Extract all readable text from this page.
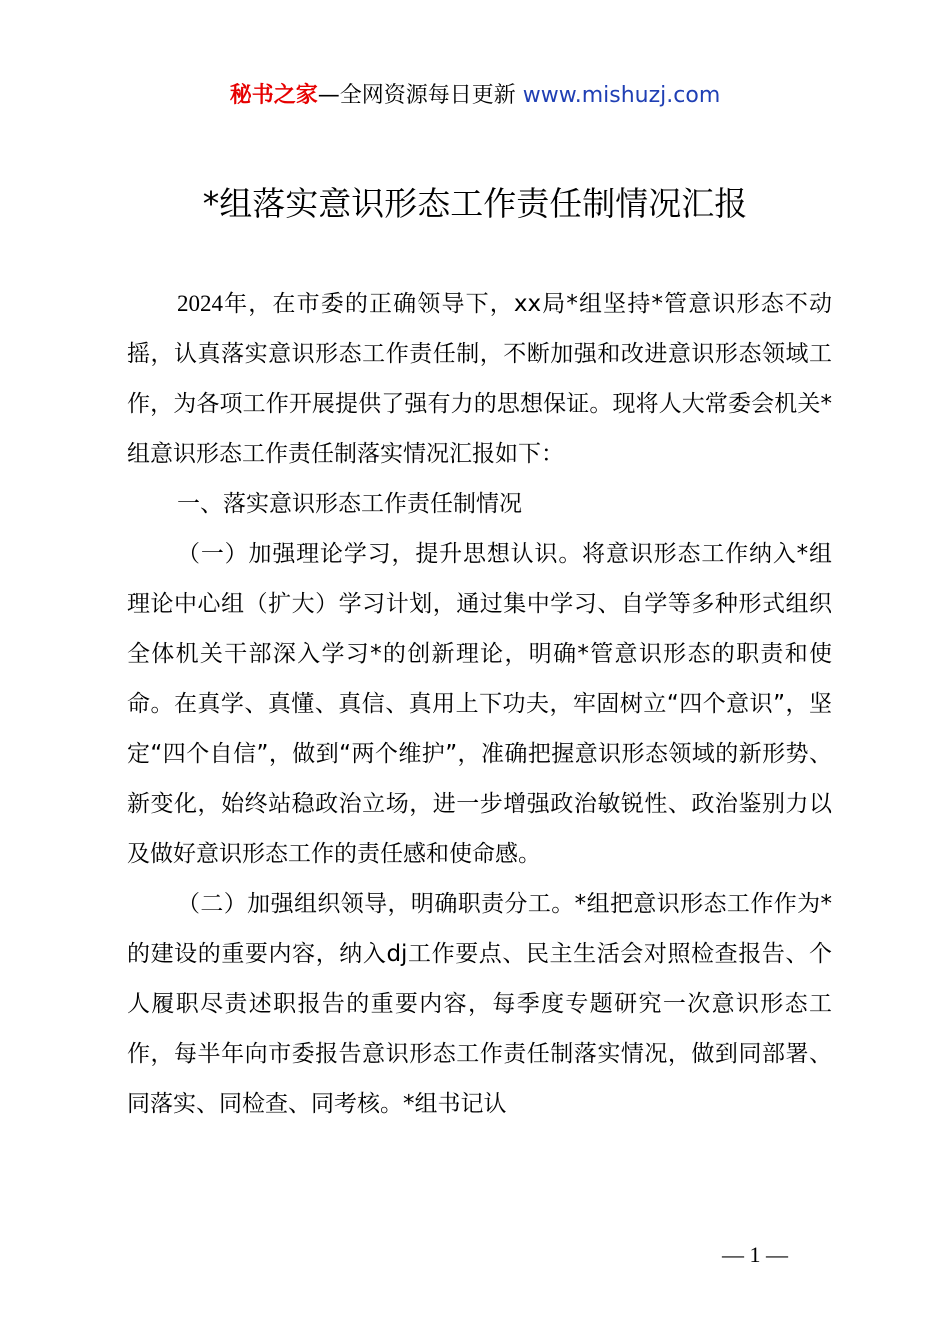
秘书之家—全网资源每日更新 www.mishuzj.com
*组落实意识形态工作责任制情况汇报

2024年，在市委的正确领导下，xx局*组坚持*管意识形态不动摇，认真落实意识形态工作责任制，不断加强和改进意识形态领域工作，为各项工作开展提供了强有力的思想保证。现将人大常委会机关*组意识形态工作责任制落实情况汇报如下：

一、落实意识形态工作责任制情况

（一）加强理论学习，提升思想认识。将意识形态工作纳入*组理论中心组（扩大）学习计划，通过集中学习、自学等多种形式组织全体机关干部深入学习*的创新理论，明确*管意识形态的职责和使命。在真学、真懂、真信、真用上下功夫，牢固树立“四个意识”，坚定“四个自信”，做到“两个维护”，准确把握意识形态领域的新形势、新变化，始终站稳政治立场，进一步增强政治敏锐性、政治鉴别力以及做好意识形态工作的责任感和使命感。

（二）加强组织领导，明确职责分工。*组把意识形态工作作为*的建设的重要内容，纳入dj工作要点、民主生活会对照检查报告、个人履职尽责述职报告的重要内容，每季度专题研究一次意识形态工作，每半年向市委报告意识形态工作责任制落实情况，做到同部署、同落实、同检查、同考核。*组书记认

— 1 —
